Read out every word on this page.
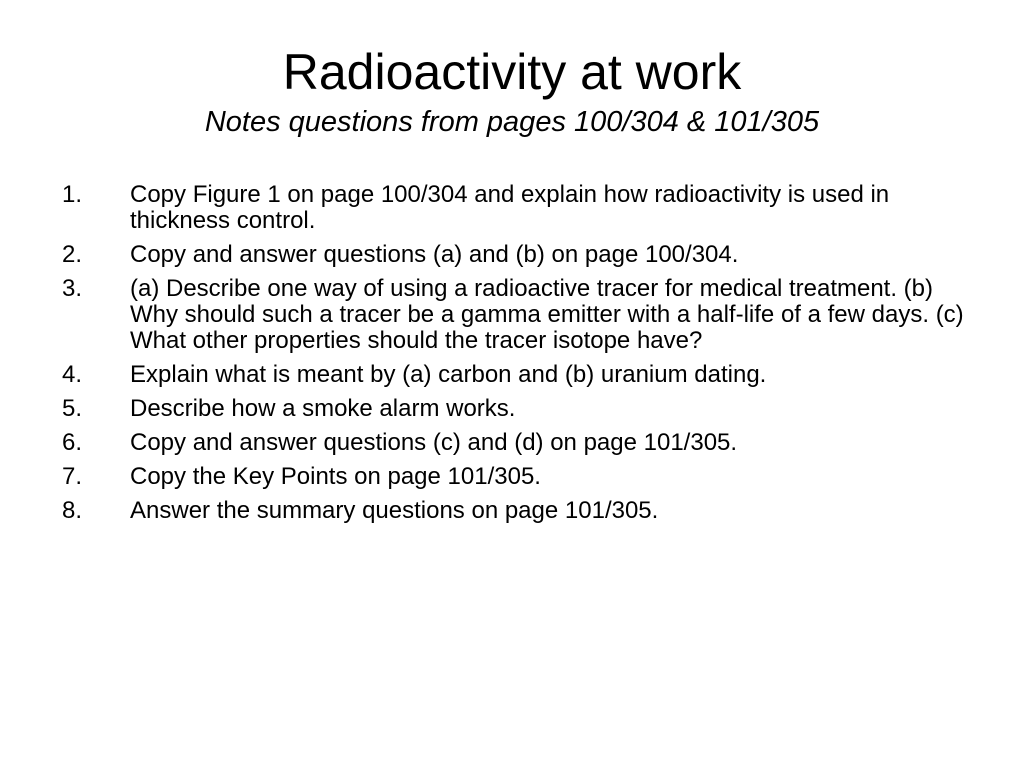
Radioactivity at work

Notes questions from pages 100/304 & 101/305

1.	Copy Figure 1 on page 100/304 and explain how radioactivity is used in thickness control.
2.	Copy and answer questions (a) and (b) on page 100/304.
3.	(a) Describe one way of using a radioactive tracer for medical treatment. (b) Why should such a tracer be a gamma emitter with a half-life of a few days. (c) What other properties should the tracer isotope have?
4.	Explain what is meant by (a) carbon and (b) uranium dating.
5.	Describe how a smoke alarm works.
6.	Copy and answer questions (c) and (d) on page 101/305.
7.	Copy the Key Points on page 101/305.
8.	Answer the summary questions on page 101/305.
